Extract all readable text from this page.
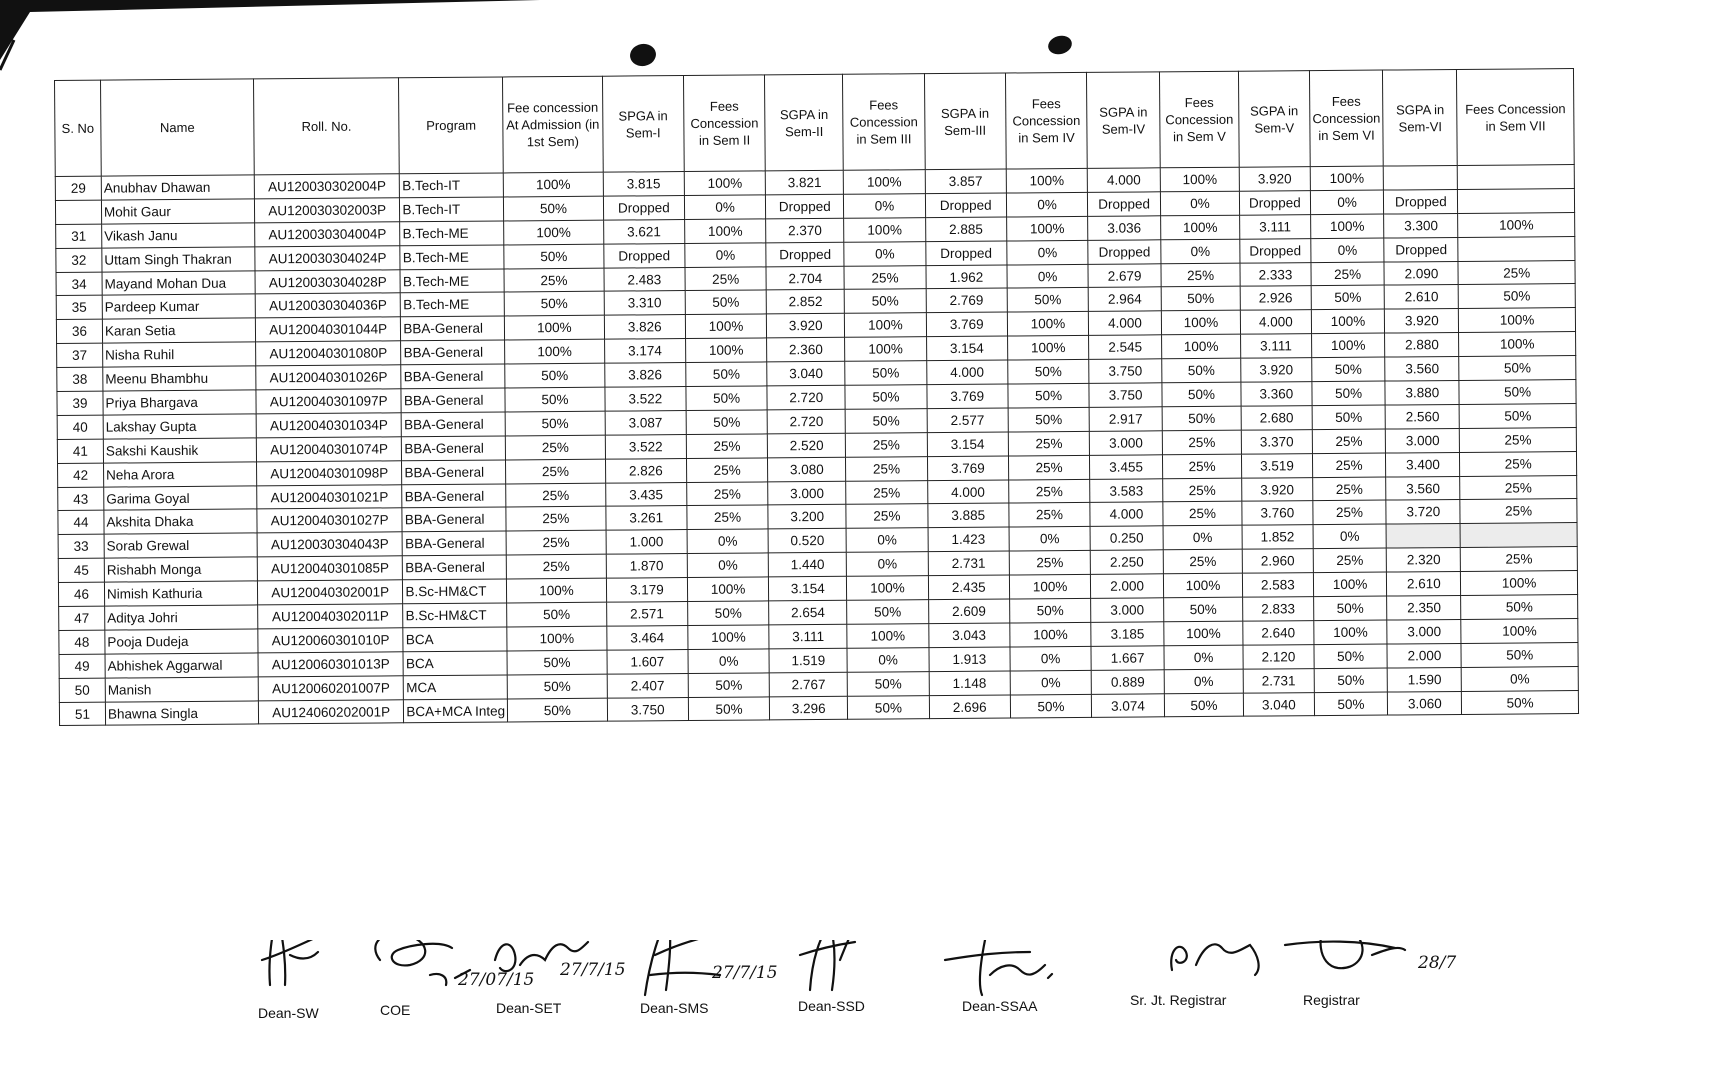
S. No	Name	Roll. No.	Program	Fee concession At Admission (in 1st Sem)	SPGA in Sem-I	Fees Concession in Sem II	SGPA in Sem-II	Fees Concession in Sem III	SGPA in Sem-III	Fees Concession in Sem IV	SGPA in Sem-IV	Fees Concession in Sem V	SGPA in Sem-V	Fees Concession in Sem VI	SGPA in Sem-VI	Fees Concession in Sem VII
29	Anubhav Dhawan	AU120030302004P	B.Tech-IT	100%	3.815	100%	3.821	100%	3.857	100%	4.000	100%	3.920	100%		
	Mohit Gaur	AU120030302003P	B.Tech-IT	50%	Dropped	0%	Dropped	0%	Dropped	0%	Dropped	0%	Dropped	0%	Dropped	
31	Vikash Janu	AU120030304004P	B.Tech-ME	100%	3.621	100%	2.370	100%	2.885	100%	3.036	100%	3.111	100%	3.300	100%
32	Uttam Singh Thakran	AU120030304024P	B.Tech-ME	50%	Dropped	0%	Dropped	0%	Dropped	0%	Dropped	0%	Dropped	0%	Dropped	
34	Mayand Mohan Dua	AU120030304028P	B.Tech-ME	25%	2.483	25%	2.704	25%	1.962	0%	2.679	25%	2.333	25%	2.090	25%
35	Pardeep Kumar	AU120030304036P	B.Tech-ME	50%	3.310	50%	2.852	50%	2.769	50%	2.964	50%	2.926	50%	2.610	50%
36	Karan Setia	AU120040301044P	BBA-General	100%	3.826	100%	3.920	100%	3.769	100%	4.000	100%	4.000	100%	3.920	100%
37	Nisha Ruhil	AU120040301080P	BBA-General	100%	3.174	100%	2.360	100%	3.154	100%	2.545	100%	3.111	100%	2.880	100%
38	Meenu Bhambhu	AU120040301026P	BBA-General	50%	3.826	50%	3.040	50%	4.000	50%	3.750	50%	3.920	50%	3.560	50%
39	Priya Bhargava	AU120040301097P	BBA-General	50%	3.522	50%	2.720	50%	3.769	50%	3.750	50%	3.360	50%	3.880	50%
40	Lakshay Gupta	AU120040301034P	BBA-General	50%	3.087	50%	2.720	50%	2.577	50%	2.917	50%	2.680	50%	2.560	50%
41	Sakshi Kaushik	AU120040301074P	BBA-General	25%	3.522	25%	2.520	25%	3.154	25%	3.000	25%	3.370	25%	3.000	25%
42	Neha Arora	AU120040301098P	BBA-General	25%	2.826	25%	3.080	25%	3.769	25%	3.455	25%	3.519	25%	3.400	25%
43	Garima Goyal	AU120040301021P	BBA-General	25%	3.435	25%	3.000	25%	4.000	25%	3.583	25%	3.920	25%	3.560	25%
44	Akshita Dhaka	AU120040301027P	BBA-General	25%	3.261	25%	3.200	25%	3.885	25%	4.000	25%	3.760	25%	3.720	25%
33	Sorab Grewal	AU120030304043P	BBA-General	25%	1.000	0%	0.520	0%	1.423	0%	0.250	0%	1.852	0%		
45	Rishabh Monga	AU120040301085P	BBA-General	25%	1.870	0%	1.440	0%	2.731	25%	2.250	25%	2.960	25%	2.320	25%
46	Nimish Kathuria	AU120040302001P	B.Sc-HM&CT	100%	3.179	100%	3.154	100%	2.435	100%	2.000	100%	2.583	100%	2.610	100%
47	Aditya Johri	AU120040302011P	B.Sc-HM&CT	50%	2.571	50%	2.654	50%	2.609	50%	3.000	50%	2.833	50%	2.350	50%
48	Pooja Dudeja	AU120060301010P	BCA	100%	3.464	100%	3.111	100%	3.043	100%	3.185	100%	2.640	100%	3.000	100%
49	Abhishek Aggarwal	AU120060301013P	BCA	50%	1.607	0%	1.519	0%	1.913	0%	1.667	0%	2.120	50%	2.000	50%
50	Manish	AU120060201007P	MCA	50%	2.407	50%	2.767	50%	1.148	0%	0.889	0%	2.731	50%	1.590	0%
51	Bhawna Singla	AU124060202001P	BCA+MCA Integ	50%	3.750	50%	3.296	50%	2.696	50%	3.074	50%	3.040	50%	3.060	50%
27/07/15 27/7/15	27/7/15	28/7
Dean-SW	COE	Dean-SET	Dean-SMS	Dean-SSD	Dean-SSAA	Sr. Jt. Registrar	Registrar
